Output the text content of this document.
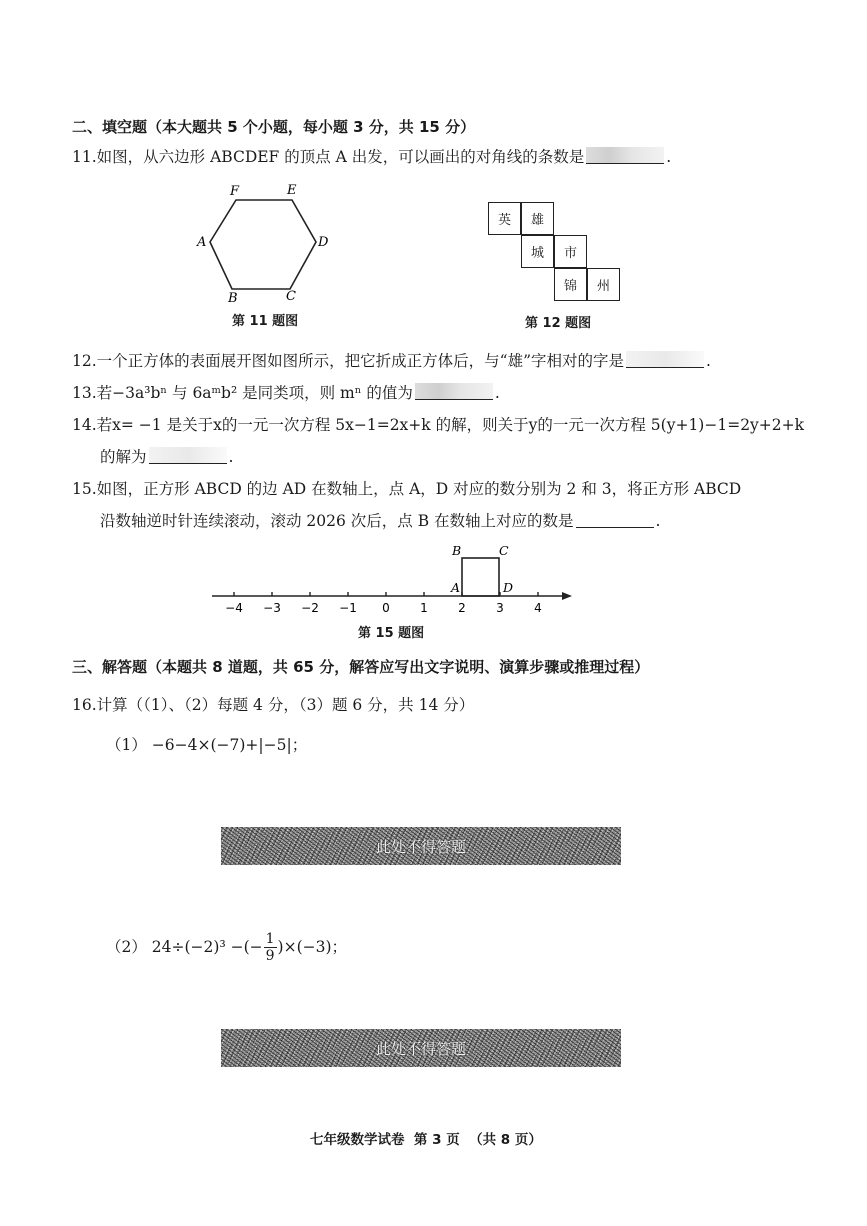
二、填空题（本大题共 5 个小题，每小题 3 分，共 15 分）
11.如图，从六边形 ABCDEF 的顶点 A 出发，可以画出的对角线的条数是	.
F	E
A	D
B	C
第 11 题图
英	雄
城	市
锦	州
第 12 题图
12.一个正方体的表面展开图如图所示，把它折成正方体后，与“雄”字相对的字是	.
13.若−3a³bⁿ 与 6aᵐb² 是同类项，则 mⁿ 的值为	.
14.若x= −1 是关于x的一元一次方程 5x−1=2x+k 的解，则关于y的一元一次方程 5(y+1)−1=2y+2+k
的解为	.
15.如图，正方形 ABCD 的边 AD 在数轴上，点 A，D 对应的数分别为 2 和 3，将正方形 ABCD
沿数轴逆时针连续滚动，滚动 2026 次后，点 B 在数轴上对应的数是	.
−4 −3 −2 −1 0	1	2	3	4
B	C
A	D
第 15 题图
三、解答题（本题共 8 道题，共 65 分，解答应写出文字说明、演算步骤或推理过程）
16.计算（（1）、（2）每题 4 分，（3）题 6 分，共 14 分）
（1） −6−4×(−7)+|−5|；
此处不得答题
（2） 24÷(−2)³ −(− $\frac{1}{9} )\times(-3)$；
此处不得答题
七年级数学试卷  第 3 页  （共 8 页）
